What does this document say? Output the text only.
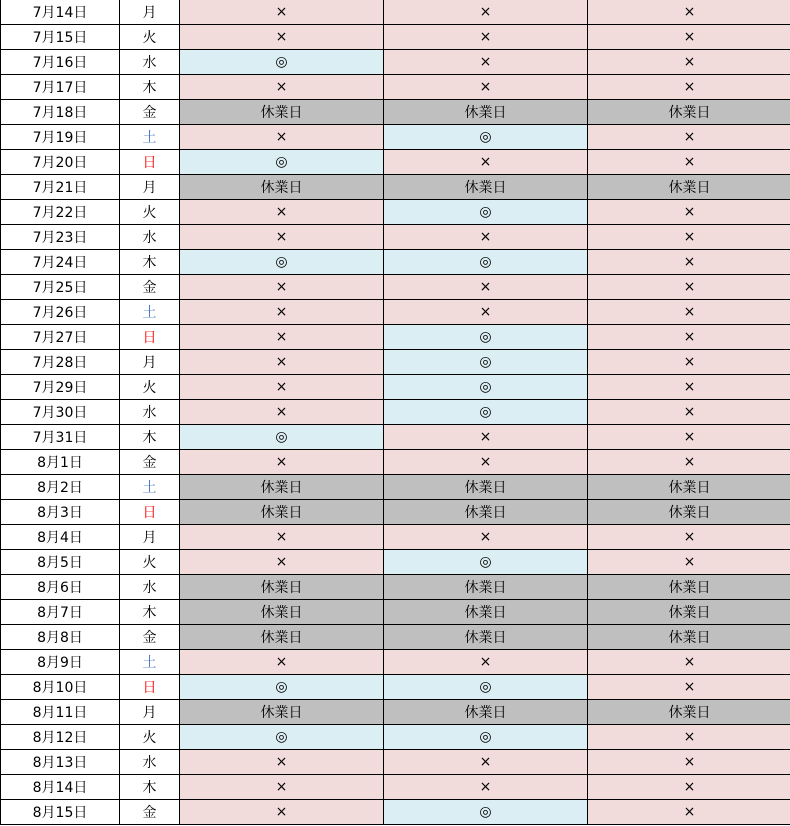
7月14日	月	×	×	×
7月15日	火	×	×	×
7月16日	水	◎	×	×
7月17日	木	×	×	×
7月18日	金	休業日	休業日	休業日
7月19日	土	×	◎	×
7月20日	日	◎	×	×
7月21日	月	休業日	休業日	休業日
7月22日	火	×	◎	×
7月23日	水	×	×	×
7月24日	木	◎	◎	×
7月25日	金	×	×	×
7月26日	土	×	×	×
7月27日	日	×	◎	×
7月28日	月	×	◎	×
7月29日	火	×	◎	×
7月30日	水	×	◎	×
7月31日	木	◎	×	×
8月1日	金	×	×	×
8月2日	土	休業日	休業日	休業日
8月3日	日	休業日	休業日	休業日
8月4日	月	×	×	×
8月5日	火	×	◎	×
8月6日	水	休業日	休業日	休業日
8月7日	木	休業日	休業日	休業日
8月8日	金	休業日	休業日	休業日
8月9日	土	×	×	×
8月10日	日	◎	◎	×
8月11日	月	休業日	休業日	休業日
8月12日	火	◎	◎	×
8月13日	水	×	×	×
8月14日	木	×	×	×
8月15日	金	×	◎	×
